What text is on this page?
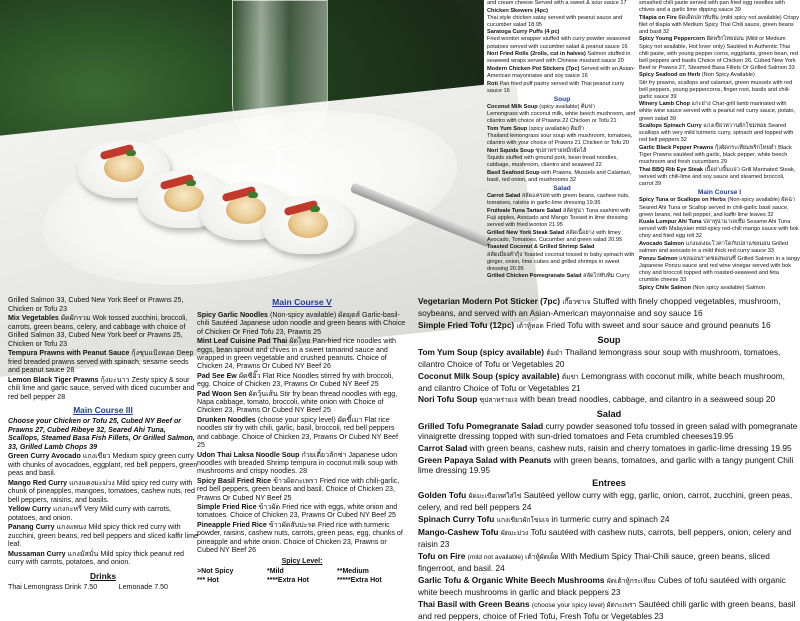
and cream cheese Served with a sweet & sour sauce 17

Chicken Skewers (4pc)
Thai style chicken satay served with peanut sauce and cucumber salad 18.95

Saratoga Curry Puffs (4 pc)
Fried wonton wrapper stuffed with curry powder seasoned potatoes served with cucumber salad & peanut sauce 16

Nori Fried Rolls (2rolls, cut in halves) Salmon stuffed in seaweed wraps served with Chinese mustard sauce 20

Modern Chicken Pot Stickers (7pc) Served with an Asian-American mayonnaise and soy sauce 16

Roti Pan fried puff pastry served with Thai peanut curry sauce 16

Soup

Coconut Milk Soup (spicy available) ต้มข่า
Lemongrass with coconut milk, white beech mushroom, and cilantro with choice of Prawns 22 Chicken or Tofu 21

Tom Yum Soup (spicy available) ต้มยำ
Thailand lemongrass sour soup with mushroom, tomatoes, cilantro with your choice of Prawns 21 Chicken or Tofu 20

Nori Squids Soup ซุปสาหร่ายหมึกยัดไส้
Squids stuffed with ground pork, bean tread noodles, cabbage, mushroom, cilantro and seaweed 22

Basil Seafood Soup with Prawns, Mussels and Calamari, basil, red onion, and mushrooms 32

Salad

Carrot Salad สลัดแครอท with green beans, cashew nuts, tomatoes, raisins in garlic-lime dressing 19.95

Fruitvale Tuna Tartare Salad สลัดทูน่า Tuna sashimi with Fuji apples, Avocado and Mango Tossed in lime dressing served with fried wonton 21.95

Grilled New York Steak Salad สลัดเนื้อย่าง with limey Avocado, Tomatoes, Cucumber and green salad 20.95

Toasted Coconut & Grilled Shrimp Salad
สลัดเมี่ยงคำกุ้ง Toasted coconut tossed in baby spinach with ginger, onion, lime cubes and grilled shrimps in sweet dressing 20.95

Grilled Chicken Pomegranate Salad สลัดไก่ทับทิม Curry

smashed chili paste served with pan fried egg noodles with chives and a garlic lime dipping sauce 39

Tilapia on Fire ผัดเผ็ดปลาทับทิม (mild spicy not available) Crispy filet of tilapia with Medium Spicy Thai Chili sauce, green beans and basil 32

Spicy Young Peppercorn ผัดพริกไทยอ่อน (Mild or Medium Spicy not available, Hot lover only) Sautéed in Authentic Thai chili paste, with young pepper corns, eggplants, green bean, red bell peppers and basils Choice of Chicken 26, Cubed New York Beef or Prawns 27, Steamed Basa Fillets Or Grilled Salmon 33

Spicy Seafood on Herb (Non Spicy Available)
Stir fry prawns, scallops and calamari, green mussels with red bell peppers, young peppercorns, finger root, basils and chili-garlic sauce 39

Winery Lamb Chop แกะย่าง Char-grill lamb marinated with white wine sauce served with a peanut red curry sauce, potato, green salad 39

Scallops Spinach Curry แกงเขียวหวานผักโขมหอย Seared scallops with very mild turmeric curry, spinach and topped with red bell peppers 32

Garlic Black Pepper Prawns กุ้งผัดกระเทียมพริกไทยดำ Black Tiger Prawns sautéed with garlic, black pepper, white beech mushroom and fresh cucumbers 29

Thai BBQ Rib Eye Steak เนื้อย่างจิ้มแจ่ว Grill Marinated Steak, served with chili-lime and soy sauce and steamed broccoli, carrot 39

Main Course I

Spicy Tuna or Scallops on Herbs (Non-spicy available) ผัดฉ่า Seared Ahi Tuna or Scallop served in chili-garlic basil sauce, green beans, red bell pepper, and kaffir lime leaves 32

Kuala Lumpur Ahi Tuna ปลาทูน่ามาเลเซีย Sesame Ahi Tuna served with Malaysian mild-spicy red-chili mango sauce with bok choy and fried egg roll 32

Avocado Salmon แกงแดงอะโวคาโดกับปลาแซลมอน Grilled salmon and avocado in a mild thick red curry sauce 33

Ponzu Salmon แซลมอนราดซอสพอนซึ Grilled Salmon in a tangy Japanese Ponzu sauce and red wine vinegar served with bok choy and broccoli topped with roasted-seaweed and feta crumble cheese 33

Spicy Chile Salmon (Non spicy available) Salmon

Grilled Salmon 33, Cubed New York Beef or Prawns 25, Chicken or Tofu 23

Mix Vegetables ผัดผักรวม Wok tossed zucchini, broccoli, carrots, green beans, celery, and cabbage with choice of Grilled Salmon 33, Cubed New York beef or Prawns 25, Chicken or Tofu 23

Tempura Prawns with Peanut Sauce กุ้งชุบแป้งทอด Deep fried breaded prawns served with spinach, sesame seeds and peanut sauce 28

Lemon Black Tiger Prawns กุ้งมะนาว Zesty spicy & sour chili lime and garlic sauce, served with diced cucumber and red bell pepper 28

Main Course III

Choose your Chicken or Tofu 25, Cubed NY Beef or Prawns 27, Cubed Ribeye 32, Seared Ahi Tuna, Scallops, Steamed Basa Fish Fillets, Or Grilled Salmon, 33, Grilled Lamb Chops 39

Green Curry Avocado แกงเขียว Medium spicy green curry with chunks of avocadoes, eggplant, red bell peppers, green peas and basil.

Mango Red Curry แกงแดงมะม่วง Mild spicy red curry with chunk of pineapples, mangoes, tomatoes, cashew nuts, red bell peppers, raisins, and basils.

Yellow Curry แกงกะหรี่ Very Mild curry with carrots, potatoes, and onion.

Panang Curry แกงแพนง Mild spicy thick red curry with zucchini, green beans, red bell peppers and sliced kaffir lime leaf.

Mussaman Curry แกงมัสมั่น Mild spicy thick peanut red curry with carrots, potatoes, and onion.

Drinks
Thai Lemongrass Drink 7.50	Lemonade 7.50
Main Course V

Spicy Garlic Noodles (Non-spicy available) ผัดยุดส์ Garlic-basil-chili Sautéed Japanese udon noodle and green beans with Choice of Chicken Or Fried Tofu 23, Prawns 25

Mint Leaf Cuisine Pad Thai ผัดไทย Pan-fried rice noodles with eggs, bean sprout and chives in a sweet tamarind sauce and wrapped in green vegetable and crushed peanuts. Choice of Chicken 24, Prawns Or Cubed NY Beef 26

Pad See Ew ผัดซีอิ๊ว Flat Rice Noodles stirred fry with broccoli, egg. Choice of Chicken 23, Prawns Or Cubed NY Beef 25

Pad Woon Sen ผัดวุ้นเส้น Stir fry bean thread noodles with egg, Napa cabbage, tomato, broccoli, white onion with Choice of Chicken 23, Prawns Or Cubed NY Beef 25

Drunken Noodles (choose your spicy level) ผัดขี้เมา Flat rice noodles stir fry with chili, garlic, basil, broccoli, red bell peppers and cabbage. Choice of Chicken 23, Prawns Or Cubed NY Beef 25

Udon Thai Laksa Noodle Soup ก๋วยเตี๋ยวลักซ่า Japanese udon noodles with breaded Shrimp tempura in coconut milk soup with mushrooms and crispy noodles. 28

Spicy Basil Fried Rice ข้าวผัดกะเพรา Fried rice with chili-garlic, red bell peppers, green beans and basil. Choice of Chicken 23, Prawns Or Cubed NY Beef 25

Simple Fried Rice ข้าวผัด Fried rice with eggs, white onion and tomatoes. Choice of Chicken 23, Prawns Or Cubed NY Beef 25

Pineapple Fried Rice ข้าวผัดสับปะรด Fried rice with turmeric powder, raisins, cashew nuts, carrots, green peas, egg, chunks of pineapple and white onion. Choice of Chicken 23, Prawns or Cubed NY Beef 26

Spicy Level:
>Not Spicy	*Mild	**Medium
*** Hot	****Extra Hot	*****Extra Hot

Vegetarian Modern Pot Sticker (7pc) เกี๊ยวซ่าเจ Stuffed with finely chopped vegetables, mushroom, soybeans, and served with an Asian-American mayonnaise and soy sauce 16

Simple Fried Tofu (12pc) เต้าหู้ทอด Fried Tofu with sweet and sour sauce and ground peanuts 16

Soup

Tom Yum Soup (spicy available) ต้มยำ Thailand lemongrass sour soup with mushroom, tomatoes, cilantro Choice of Tofu or Vegetables 20

Coconut Milk Soup (spicy available) ต้มข่า Lemongrass with coconut milk, white beach mushroom, and cilantro Choice of Tofu or Vegetables 21

Nori Tofu Soup ซุปสาหร่ายเจ with bean tread noodles, cabbage, and cilantro in a seaweed soup 20

Salad

Grilled Tofu Pomegranate Salad curry powder seasoned tofu tossed in green salad with pomegranate vinaigrette dressing topped with sun-dried tomatoes and Feta crumbled cheeses19.95

Carrot Salad with green beans, cashew nuts, raisin and cherry tomatoes in garlic-lime dressing 19.95

Green Papaya Salad with Peanuts with green beans, tomatoes, and garlic with a tangy pungent Chili lime dressing 19.95

Entrees

Golden Tofu ผัดมะเขือเทศใส่ไข่ Sautéed yellow curry with egg, garlic, onion, carrot, zucchini, green peas, celery, and red bell peppers 24

Spinach Curry Tofu แกงเขียวผักโขมเจ in turmeric curry and spinach 24

Mango-Cashew Tofu ผัดมะม่วง Tofu sautéed with cashew nuts, carrots, bell peppers, onion, celery and raisin 23

Tofu on Fire (mild not available) เต้าหู้ผัดเผ็ด With Medium Spicy Thai-Chili sauce, green beans, sliced fingerroot, and basil. 24

Garlic Tofu & Organic White Beech Mushrooms ผัดเต้าหู้กระเทียม Cubes of tofu sautéed with organic white beech mushrooms in garlic and black peppers 23

Thai Basil with Green Beans (choose your spicy level) ผัดกะเพรา Sautéed chili garlic with green beans, basil and red peppers, choice of Fried Tofu, Fresh Tofu or Vegetables 23
